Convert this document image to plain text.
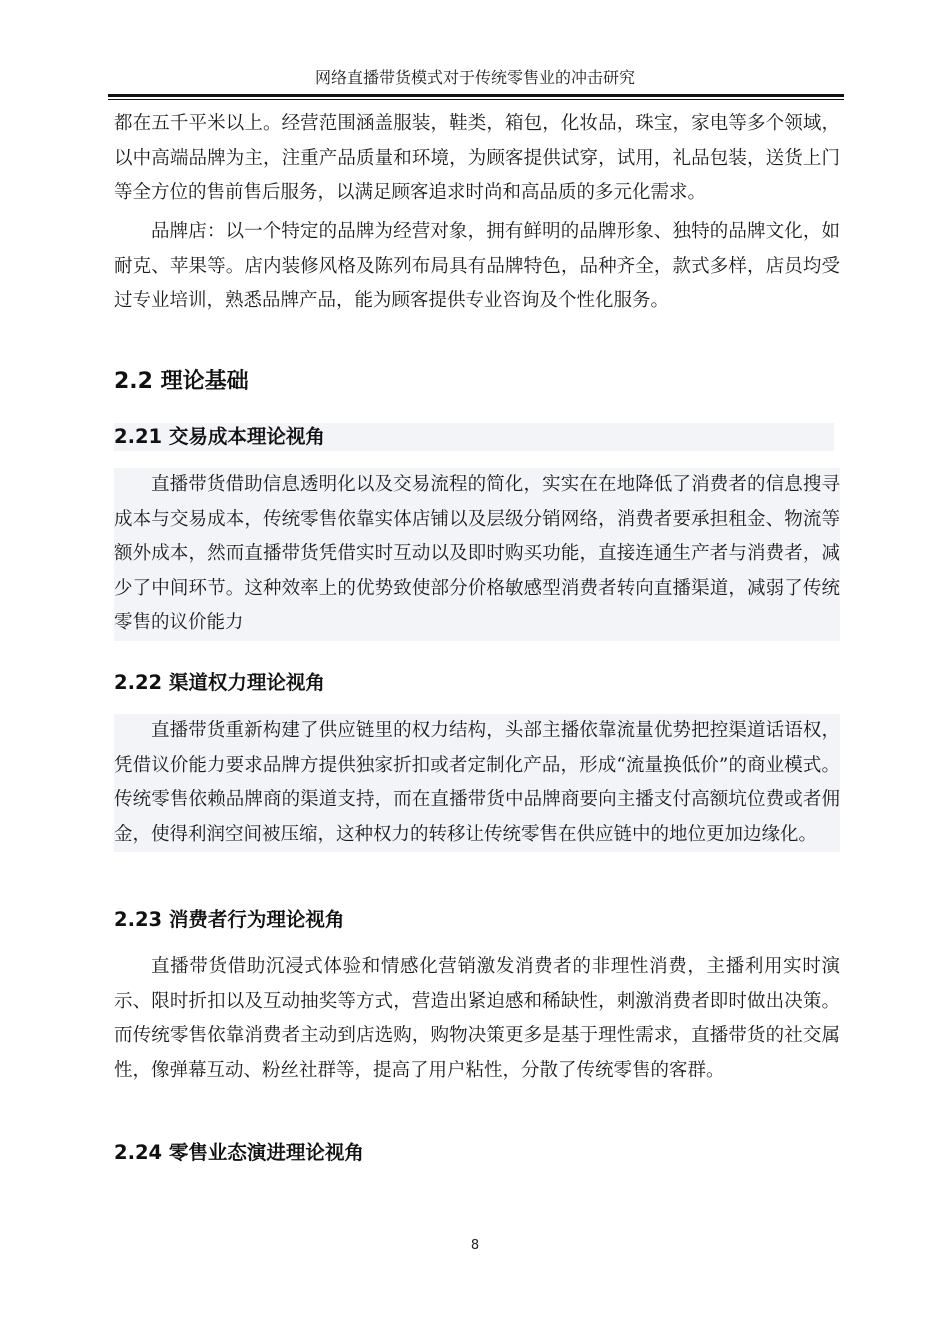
网络直播带货模式对于传统零售业的冲击研究

都在五千平米以上。经营范围涵盖服装，鞋类，箱包，化妆品，珠宝，家电等多个领域，以中高端品牌为主，注重产品质量和环境，为顾客提供试穿，试用，礼品包装，送货上门等全方位的售前售后服务，以满足顾客追求时尚和高品质的多元化需求。

品牌店：以一个特定的品牌为经营对象，拥有鲜明的品牌形象、独特的品牌文化，如耐克、苹果等。店内装修风格及陈列布局具有品牌特色，品种齐全，款式多样，店员均受过专业培训，熟悉品牌产品，能为顾客提供专业咨询及个性化服务。

2.2 理论基础
2.21 交易成本理论视角

直播带货借助信息透明化以及交易流程的简化，实实在在地降低了消费者的信息搜寻成本与交易成本，传统零售依靠实体店铺以及层级分销网络，消费者要承担租金、物流等额外成本，然而直播带货凭借实时互动以及即时购买功能，直接连通生产者与消费者，减少了中间环节。这种效率上的优势致使部分价格敏感型消费者转向直播渠道，减弱了传统零售的议价能力

2.22 渠道权力理论视角

直播带货重新构建了供应链里的权力结构，头部主播依靠流量优势把控渠道话语权，凭借议价能力要求品牌方提供独家折扣或者定制化产品，形成“流量换低价”的商业模式。传统零售依赖品牌商的渠道支持，而在直播带货中品牌商要向主播支付高额坑位费或者佣金，使得利润空间被压缩，这种权力的转移让传统零售在供应链中的地位更加边缘化。

2.23 消费者行为理论视角

直播带货借助沉浸式体验和情感化营销激发消费者的非理性消费，主播利用实时演示、限时折扣以及互动抽奖等方式，营造出紧迫感和稀缺性，刺激消费者即时做出决策。而传统零售依靠消费者主动到店选购，购物决策更多是基于理性需求，直播带货的社交属性，像弹幕互动、粉丝社群等，提高了用户粘性，分散了传统零售的客群。

2.24 零售业态演进理论视角
8
